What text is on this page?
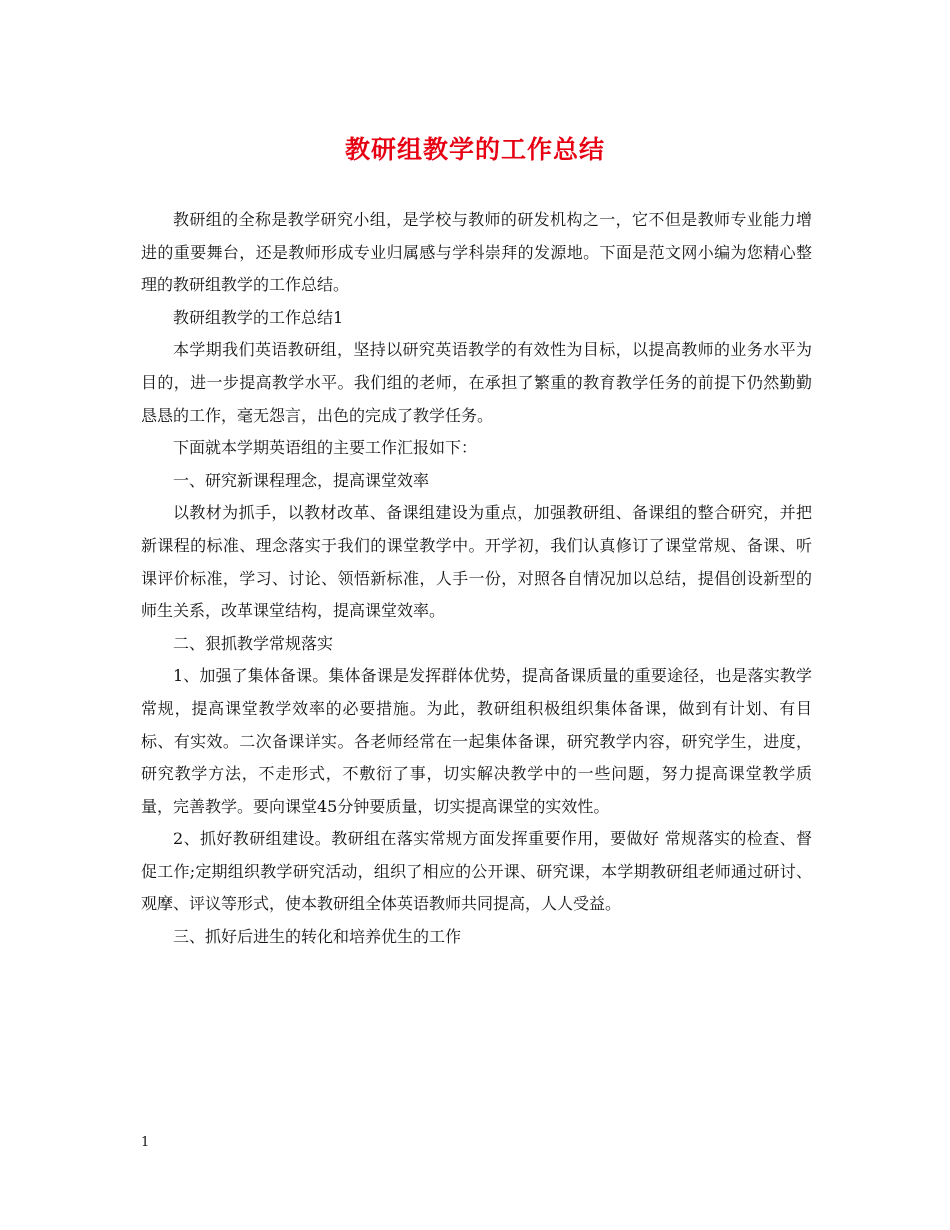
教研组教学的工作总结

教研组的全称是教学研究小组，是学校与教师的研发机构之一，它不但是教师专业能力增进的重要舞台，还是教师形成专业归属感与学科崇拜的发源地。下面是范文网小编为您精心整理的教研组教学的工作总结。

教研组教学的工作总结1

本学期我们英语教研组，坚持以研究英语教学的有效性为目标，以提高教师的业务水平为目的，进一步提高教学水平。我们组的老师，在承担了繁重的教育教学任务的前提下仍然勤勤恳恳的工作，毫无怨言，出色的完成了教学任务。

下面就本学期英语组的主要工作汇报如下：

一、研究新课程理念，提高课堂效率

以教材为抓手，以教材改革、备课组建设为重点，加强教研组、备课组的整合研究，并把新课程的标准、理念落实于我们的课堂教学中。开学初，我们认真修订了课堂常规、备课、听课评价标准，学习、讨论、领悟新标准，人手一份，对照各自情况加以总结，提倡创设新型的师生关系，改革课堂结构，提高课堂效率。

二、狠抓教学常规落实

1、加强了集体备课。集体备课是发挥群体优势，提高备课质量的重要途径，也是落实教学常规，提高课堂教学效率的必要措施。为此，教研组积极组织集体备课，做到有计划、有目标、有实效。二次备课详实。各老师经常在一起集体备课，研究教学内容，研究学生，进度，研究教学方法，不走形式，不敷衍了事，切实解决教学中的一些问题，努力提高课堂教学质量，完善教学。要向课堂45分钟要质量，切实提高课堂的实效性。

2、抓好教研组建设。教研组在落实常规方面发挥重要作用，要做好 常规落实的检查、督促工作;定期组织教学研究活动，组织了相应的公开课、研究课，本学期教研组老师通过研讨、观摩、评议等形式，使本教研组全体英语教师共同提高，人人受益。

三、抓好后进生的转化和培养优生的工作

1
